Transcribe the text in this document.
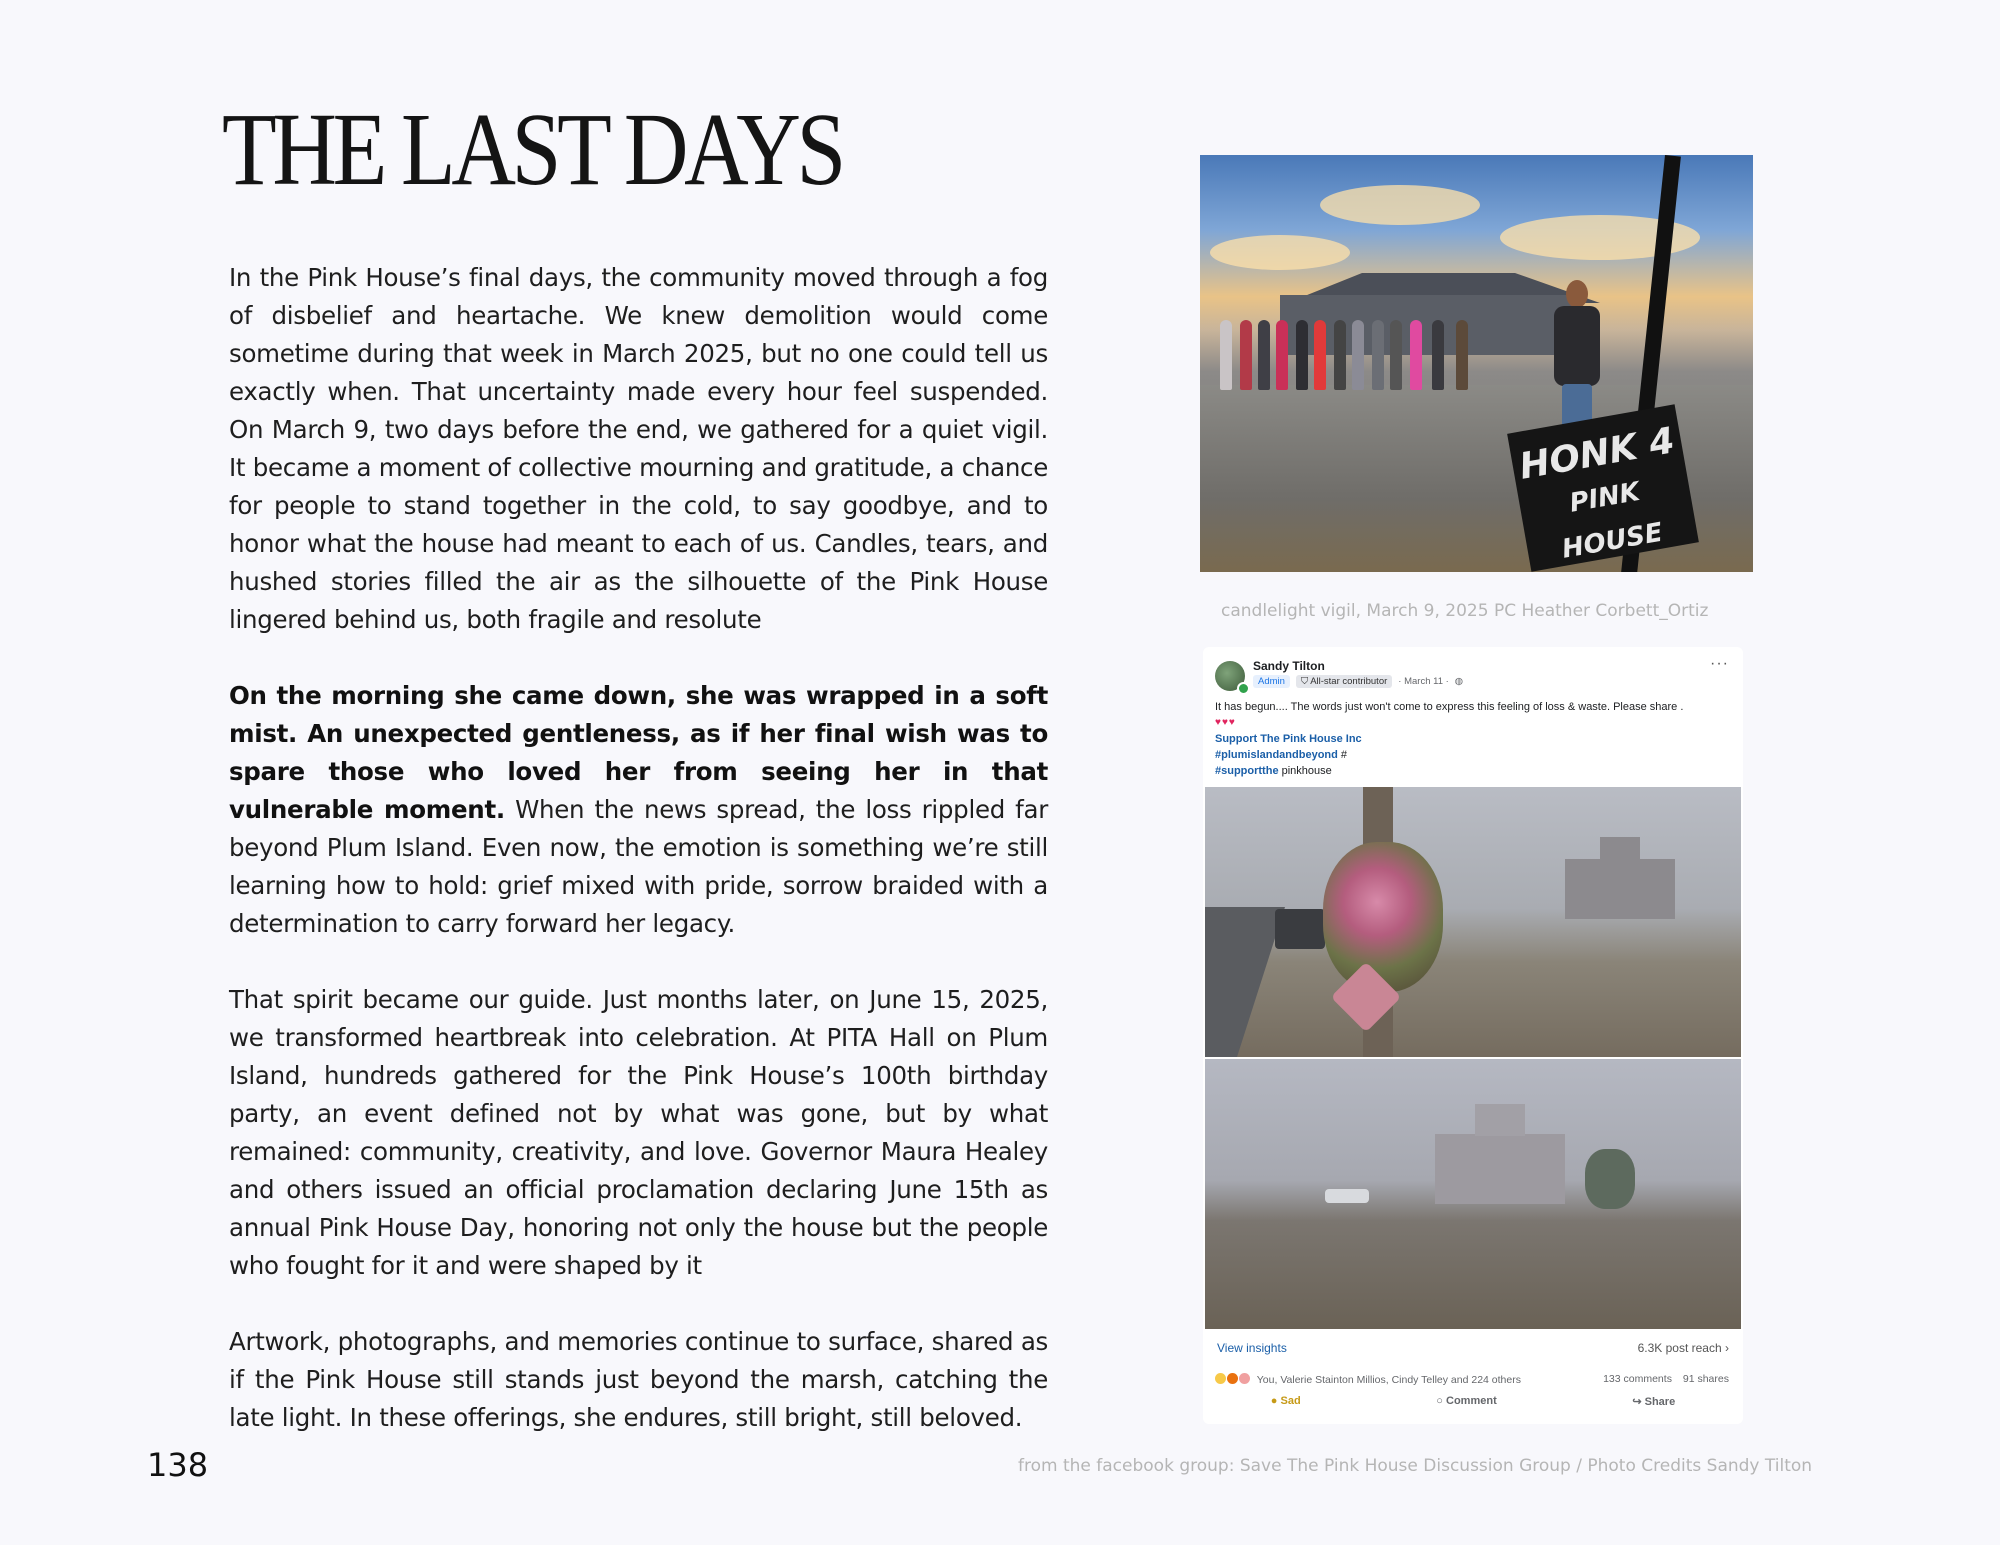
THE LAST DAYS

In the Pink House’s final days, the community moved through a fog of disbelief and heartache. We knew demolition would come sometime during that week in March 2025, but no one could tell us exactly when. That uncertainty made every hour feel suspended. On March 9, two days before the end, we gathered for a quiet vigil. It became a moment of collective mourning and gratitude, a chance for people to stand together in the cold, to say goodbye, and to honor what the house had meant to each of us. Candles, tears, and hushed stories filled the air as the silhouette of the Pink House lingered behind us, both fragile and resolute

On the morning she came down, she was wrapped in a soft mist. An unexpected gentleness, as if her final wish was to spare those who loved her from seeing her in that vulnerable moment. When the news spread, the loss rippled far beyond Plum Island. Even now, the emotion is something we’re still learning how to hold: grief mixed with pride, sorrow braided with a determination to carry forward her legacy.

That spirit became our guide. Just months later, on June 15, 2025, we transformed heartbreak into celebration. At PITA Hall on Plum Island, hundreds gathered for the Pink House’s 100th birthday party, an event defined not by what was gone, but by what remained: community, creativity, and love. Governor Maura Healey and others issued an official proclamation declaring June 15th as annual Pink House Day, honoring not only the house but the people who fought for it and were shaped by it

Artwork, photographs, and memories continue to surface, shared as if the Pink House still stands just beyond the marsh, catching the late light. In these offerings, she endures, still bright, still beloved.

HONK 4
PINK HOUSE
candlelight vigil, March 9, 2025 PC Heather Corbett_Ortiz
Sandy Tilton
Admin	⛉ All-star contributor	· March 11 · ◍
···
It has begun.... The words just won't come to express this feeling of loss & waste. Please share .
♥♥♥
Support The Pink House Inc
#plumislandandbeyond #
#supportthe pinkhouse
View insights	6.3K post reach ›
You, Valerie Stainton Millios, Cindy Telley and 224 others	133 comments 91 shares
● Sad	○ Comment	↪ Share
138	from the facebook group: Save The Pink House Discussion Group / Photo Credits Sandy Tilton
